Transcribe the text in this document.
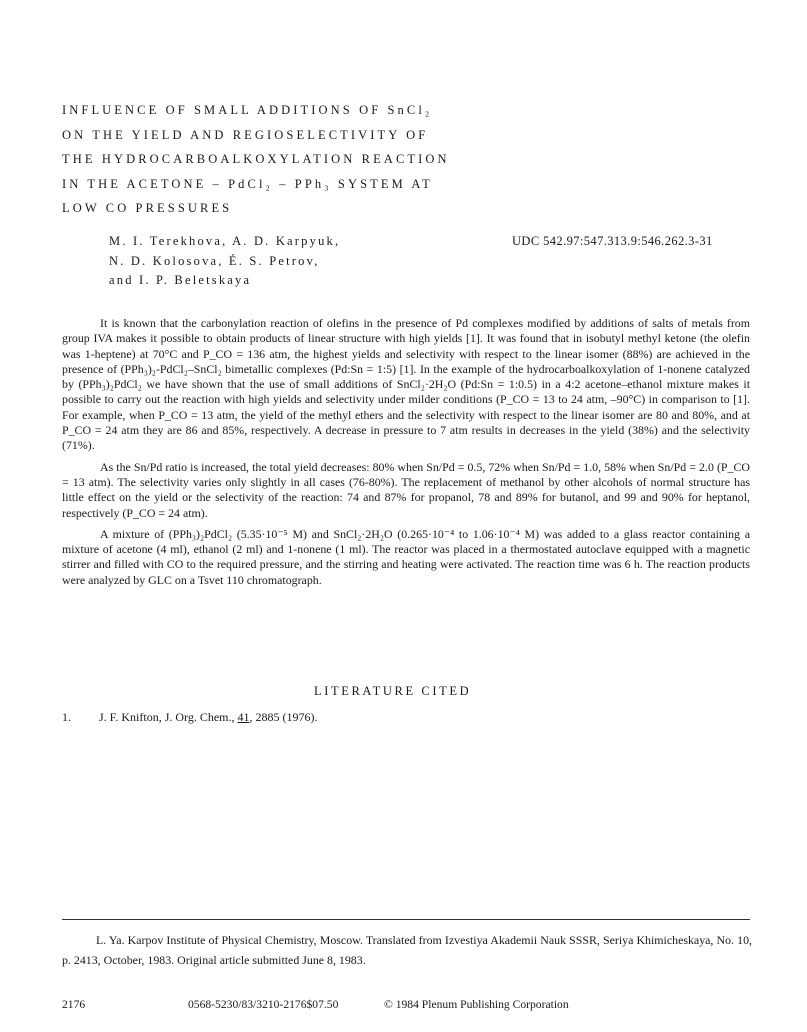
INFLUENCE OF SMALL ADDITIONS OF SnCl₂
ON THE YIELD AND REGIOSELECTIVITY OF
THE HYDROCARBOALKOXYLATION REACTION
IN THE ACETONE – PdCl₂ – PPh₃ SYSTEM AT
LOW CO PRESSURES
M. I. Terekhova, A. D. Karpyuk,
N. D. Kolosova, É. S. Petrov,
and I. P. Beletskaya
UDC 542.97:547.313.9:546.262.3-31

It is known that the carbonylation reaction of olefins in the presence of Pd complexes modified by additions of salts of metals from group IVA makes it possible to obtain products of linear structure with high yields [1]. It was found that in isobutyl methyl ketone (the olefin was 1-heptene) at 70°C and P_CO = 136 atm, the highest yields and selectivity with respect to the linear isomer (88%) are achieved in the presence of (PPh₃)₂-PdCl₂–SnCl₂ bimetallic complexes (Pd:Sn = 1:5) [1]. In the example of the hydrocarboalkoxylation of 1-nonene catalyzed by (PPh₃)₂PdCl₂ we have shown that the use of small additions of SnCl₂·2H₂O (Pd:Sn = 1:0.5) in a 4:2 acetone–ethanol mixture makes it possible to carry out the reaction with high yields and selectivity under milder conditions (P_CO = 13 to 24 atm, –90°C) in comparison to [1]. For example, when P_CO = 13 atm, the yield of the methyl ethers and the selectivity with respect to the linear isomer are 80 and 80%, and at P_CO = 24 atm they are 86 and 85%, respectively. A decrease in pressure to 7 atm results in decreases in the yield (38%) and the selectivity (71%).

As the Sn/Pd ratio is increased, the total yield decreases: 80% when Sn/Pd = 0.5, 72% when Sn/Pd = 1.0, 58% when Sn/Pd = 2.0 (P_CO = 13 atm). The selectivity varies only slightly in all cases (76-80%). The replacement of methanol by other alcohols of normal structure has little effect on the yield or the selectivity of the reaction: 74 and 87% for propanol, 78 and 89% for butanol, and 99 and 90% for heptanol, respectively (P_CO = 24 atm).

A mixture of (PPh₃)₂PdCl₂ (5.35·10⁻⁵ M) and SnCl₂·2H₂O (0.265·10⁻⁴ to 1.06·10⁻⁴ M) was added to a glass reactor containing a mixture of acetone (4 ml), ethanol (2 ml) and 1-nonene (1 ml). The reactor was placed in a thermostated autoclave equipped with a magnetic stirrer and filled with CO to the required pressure, and the stirring and heating were activated. The reaction time was 6 h. The reaction products were analyzed by GLC on a Tsvet 110 chromatograph.

LITERATURE CITED
1. J. F. Knifton, J. Org. Chem., 41, 2885 (1976).

L. Ya. Karpov Institute of Physical Chemistry, Moscow. Translated from Izvestiya Akademii Nauk SSSR, Seriya Khimicheskaya, No. 10, p. 2413, October, 1983. Original article submitted June 8, 1983.

2176	0568-5230/83/3210-2176$07.50	© 1984 Plenum Publishing Corporation
